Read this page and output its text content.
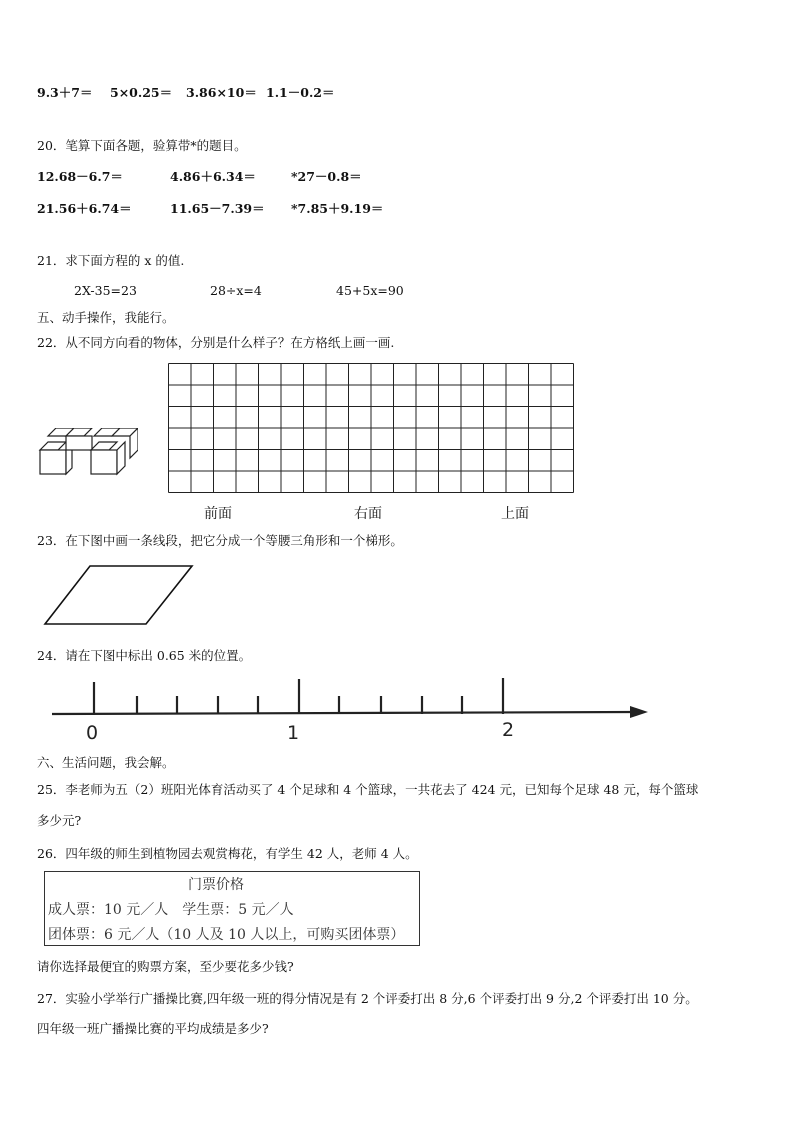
9.3＋7＝ 5×0.25＝ 3.86×10＝ 1.1－0.2＝
20．笔算下面各题，验算带*的题目。
12.68－6.7＝	4.86＋6.34＝	*27－0.8＝
21.56＋6.74＝	11.65－7.39＝ *7.85＋9.19＝
21．求下面方程的 x 的值.
2X-35=23	28÷x=4	45+5x=90
五、动手操作，我能行。
22．从不同方向看的物体，分别是什么样子？在方格纸上画一画.
前面	右面	上面
23．在下图中画一条线段，把它分成一个等腰三角形和一个梯形。
24．请在下图中标出 0.65 米的位置。
0	1	2
六、生活问题，我会解。
25．李老师为五（2）班阳光体育活动买了 4 个足球和 4 个篮球，一共花去了 424 元，已知每个足球 48 元，每个篮球
多少元?
26．四年级的师生到植物园去观赏梅花，有学生 42 人，老师 4 人。
门票价格
成人票：10 元／人　学生票：5 元／人
团体票：6 元／人（10 人及 10 人以上，可购买团体票）
请你选择最便宜的购票方案，至少要花多少钱?
27．实验小学举行广播操比赛,四年级一班的得分情况是有 2 个评委打出 8 分,6 个评委打出 9 分,2 个评委打出 10 分。
四年级一班广播操比赛的平均成绩是多少?
